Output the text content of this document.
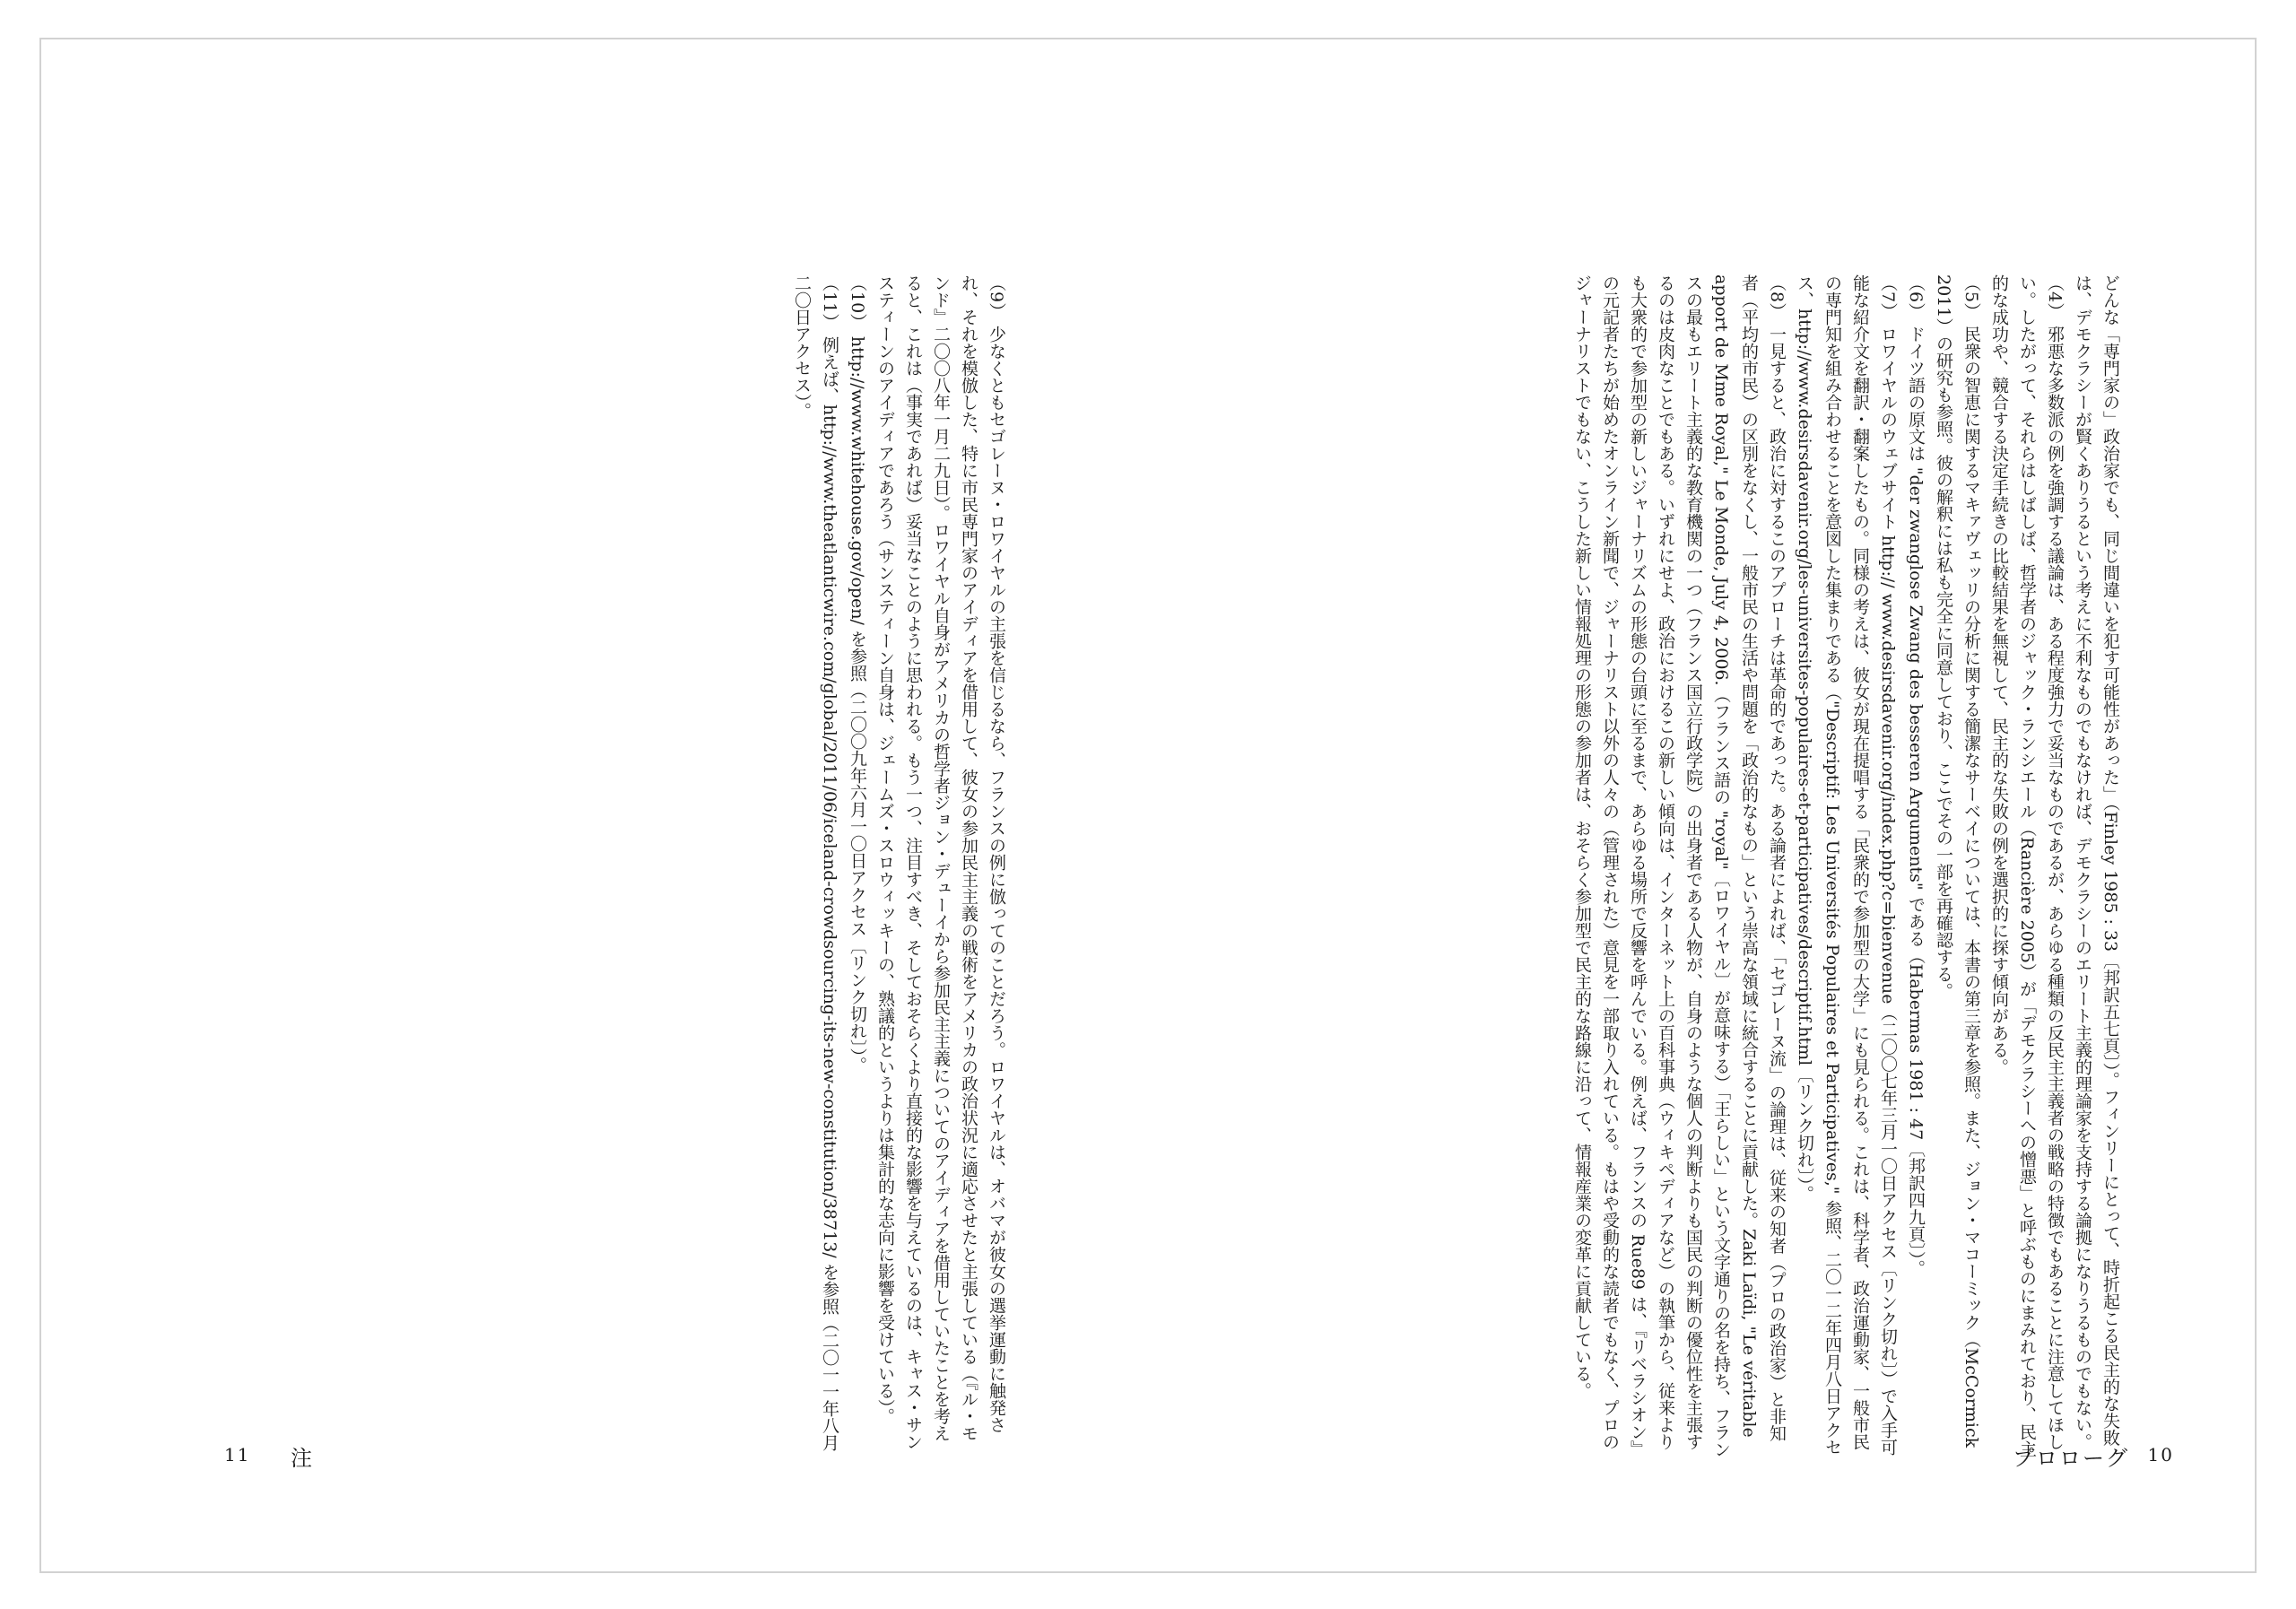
どんな「専門家の」政治家でも、同じ間違いを犯す可能性があった」（Finley 1985 : 33〔邦訳五七頁〕）。フィンリーにとって、時折起こる民主的な失敗は、デモクラシーが賢くありうるという考えに不利なものでもなければ、デモクラシーのエリート主義的理論家を支持する論拠になりうるものでもない。

（4）邪悪な多数派の例を強調する議論は、ある程度強力で妥当なものであるが、あらゆる種類の反民主主義者の戦略の特徴でもあることに注意してほしい。したがって、それらはしばしば、哲学者のジャック・ランシエール（Rancière 2005）が「デモクラシーへの憎悪」と呼ぶものにまみれており、民主的な成功や、競合する決定手続きの比較結果を無視して、民主的な失敗の例を選択的に探す傾向がある。

（5）民衆の智恵に関するマキァヴェッリの分析に関する簡潔なサーベイについては、本書の第三章を参照。また、ジョン・マコーミック（McCormick 2011）の研究も参照。彼の解釈には私も完全に同意しており、ここでその一部を再確認する。

（6）ドイツ語の原文は "der zwanglose Zwang des besseren Arguments" である（Habermas 1981 : 47〔邦訳四九頁〕）。

（7）ロワイヤルのウェブサイト http:// www.desirsdavenir.org/index.php?c=bienvenue（二〇〇七年三月一〇日アクセス〔リンク切れ〕）で入手可能な紹介文を翻訳・翻案したもの。同様の考えは、彼女が現在提唱する「民衆的で参加型の大学」にも見られる。これは、科学者、政治運動家、一般市民の専門知を組み合わせることを意図した集まりである（"Descriptif: Les Universités Populaires et Participatives," 参照、二〇一二年四月八日アクセス、http://www.desirsdavenir.org/les-universites-populaires-et-participatives/descriptif.html〔リンク切れ〕）。

（8）一見すると、政治に対するこのアプローチは革命的であった。ある論者によれば、「セゴレーヌ流」の論理は、従来の知者（プロの政治家）と非知者（平均的市民）の区別をなくし、一般市民の生活や問題を「政治的なもの」という崇高な領域に統合することに貢献した。Zaki Laïdi, "Le véritable apport de Mme Royal," Le Monde, July 4, 2006.（フランス語の "royal"〔ロワイヤル〕が意味する）「王らしい」という文字通りの名を持ち、フランスの最もエリート主義的な教育機関の一つ（フランス国立行政学院）の出身者である人物が、自身のような個人の判断よりも国民の判断の優位性を主張するのは皮肉なことでもある。いずれにせよ、政治におけるこの新しい傾向は、インターネット上の百科事典（ウィキペディアなど）の執筆から、従来よりも大衆的で参加型の新しいジャーナリズムの形態の台頭に至るまで、あらゆる場所で反響を呼んでいる。例えば、フランスの Rue89 は、『リベラシオン』の元記者たちが始めたオンライン新聞で、ジャーナリスト以外の人々の（管理された）意見を一部取り入れている。もはや受動的な読者でもなく、プロのジャーナリストでもない、こうした新しい情報処理の形態の参加者は、おそらく参加型で民主的な路線に沿って、情報産業の変革に貢献している。

プロローグ 10

（9）少なくともセゴレーヌ・ロワイヤルの主張を信じるなら、フランスの例に倣ってのことだろう。ロワイヤルは、オバマが彼女の選挙運動に触発され、それを模倣した、特に市民専門家のアイディアを借用して、彼女の参加民主主義の戦術をアメリカの政治状況に適応させたと主張している（『ル・モンド』二〇〇八年一月二九日）。ロワイヤル自身がアメリカの哲学者ジョン・デューイから参加民主主義についてのアイディアを借用していたことを考えると、これは（事実であれば）妥当なことのように思われる。もう一つ、注目すべき、そしておそらくより直接的な影響を与えているのは、キャス・サンスティーンのアイディアであろう（サンスティーン自身は、ジェームズ・スロウィッキーの、熟議的というよりは集計的な志向に影響を受けている）。

（10）http://www.whitehouse.gov/open/ を参照（二〇〇九年六月一〇日アクセス〔リンク切れ〕）。

（11）例えば、http://www.theatlanticwire.com/global/2011/06/iceland-crowdsourcing-its-new-constitution/38713/ を参照（二〇一一年八月二〇日アクセス）。

11 注
